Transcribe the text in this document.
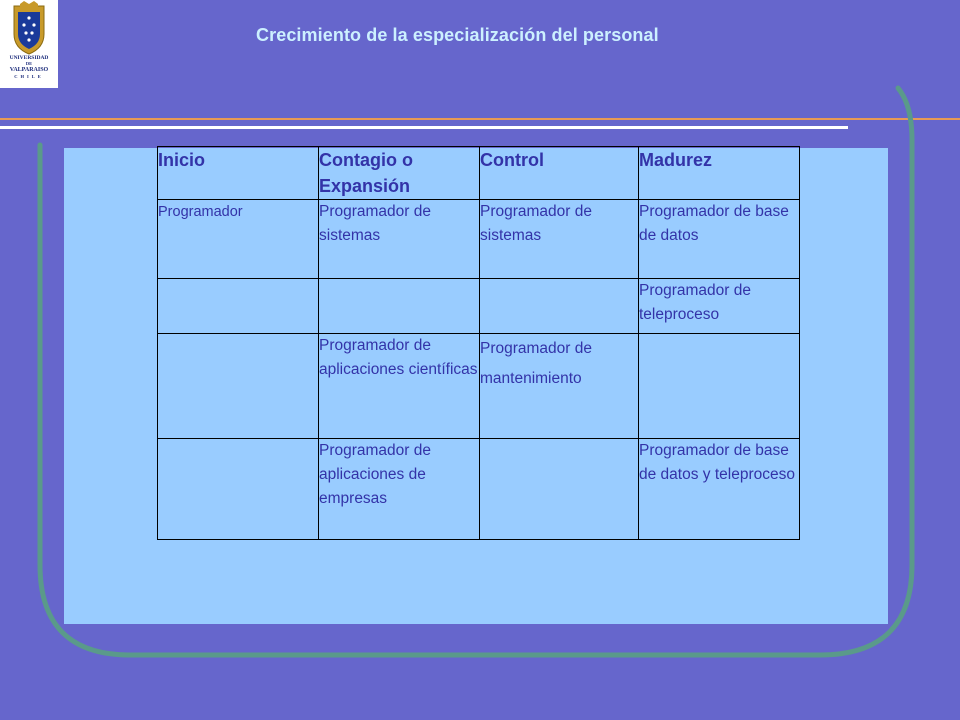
UNIVERSIDAD
DE
VALPARAISO
CHILE
Crecimiento de la especialización del personal
Inicio	Contagio o Expansión	Control	Madurez
Programador	Programador de sistemas	Programador de sistemas	Programador de base de datos
			Programador de teleproceso
	Programador de aplicaciones científicas	Programador de mantenimiento	
	Programador de aplicaciones de empresas		Programador de base de datos y teleproceso
